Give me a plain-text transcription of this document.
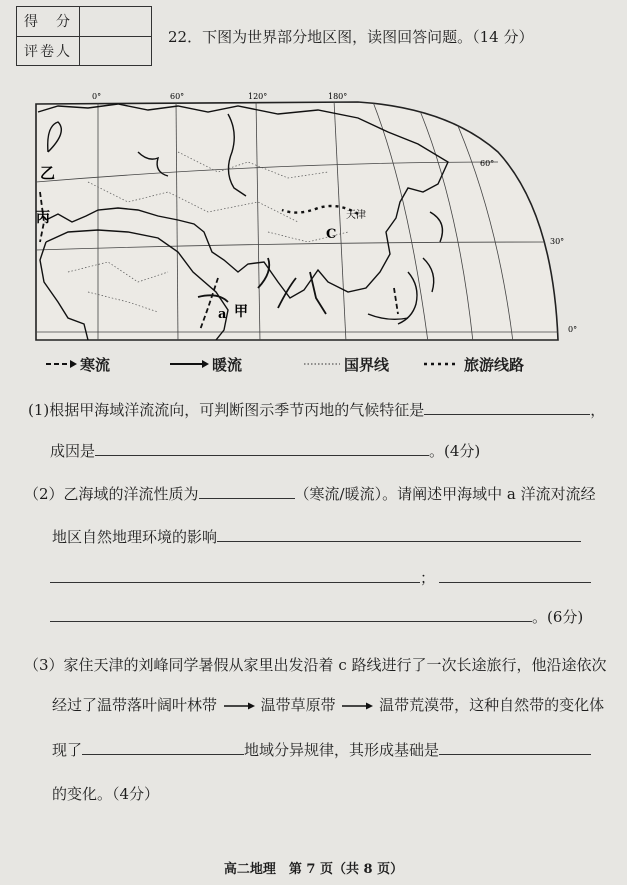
得　分	
评卷人	
22．下图为世界部分地区图，读图回答问题。（14 分）
0°	60°	120°	180°
60°
30°
0°
乙
丙
甲
a
C
天津
寒流	暖流	国界线	旅游线路
(1)根据甲海域洋流流向，可判断图示季节丙地的气候特征是	，
成因是	。(4分)
（2）乙海域的洋流性质为	（寒流/暖流）。请阐述甲海域中 a 洋流对流经
地区自然地理环境的影响
；
。(6分)
（3）家住天津的刘峰同学暑假从家里出发沿着 c 路线进行了一次长途旅行，他沿途依次
经过了温带落叶阔叶林带	温带草原带	温带荒漠带，这种自然带的变化体
现了	地域分异规律，其形成基础是
的变化。（4分）
高二地理　第 7 页（共 8 页）
